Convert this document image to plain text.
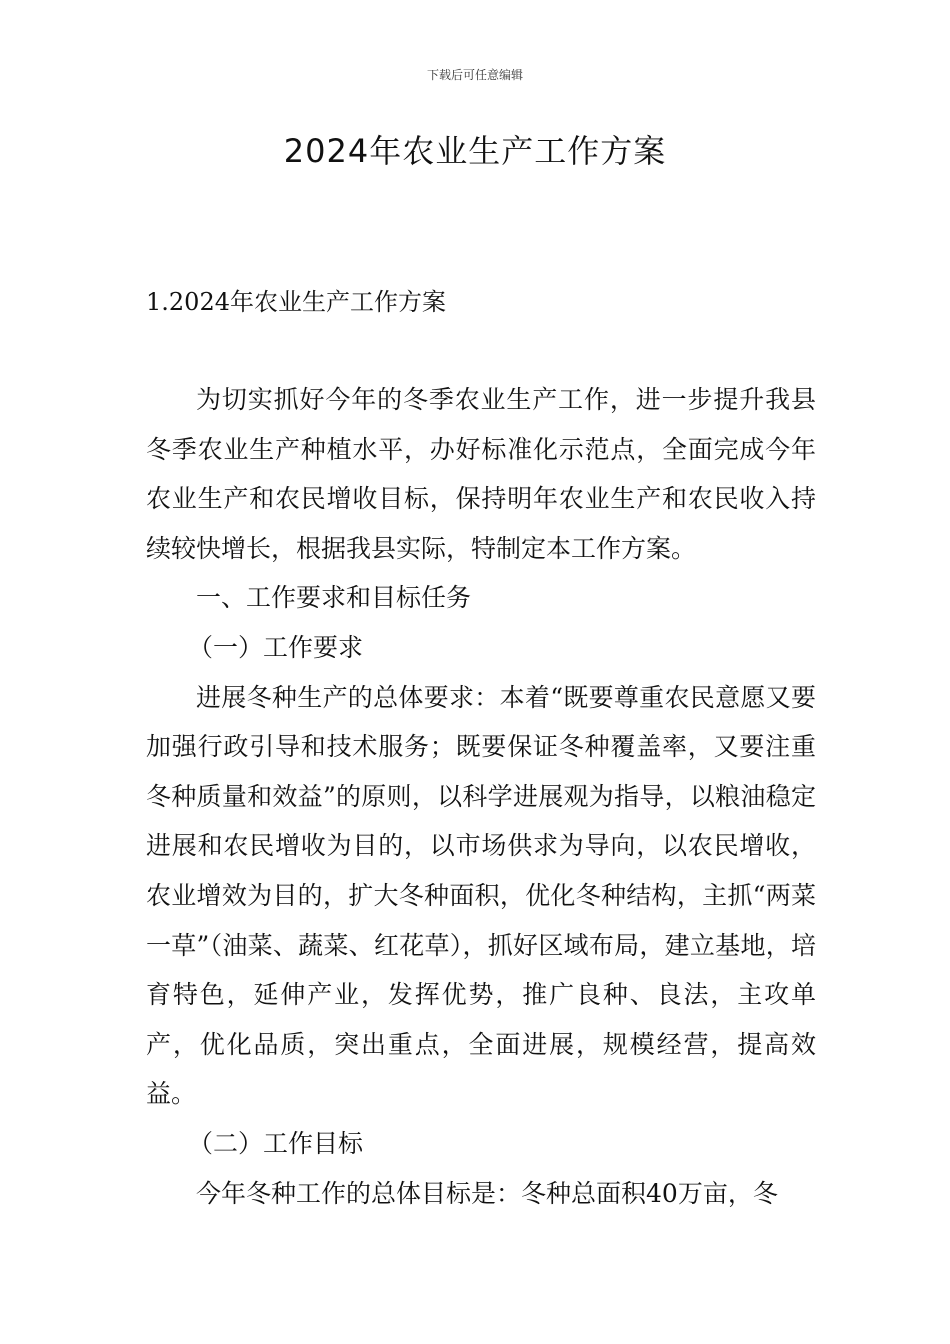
下载后可任意编辑
2024年农业生产工作方案
1.2024年农业生产工作方案

为切实抓好今年的冬季农业生产工作，进一步提升我县冬季农业生产种植水平，办好标准化示范点，全面完成今年农业生产和农民增收目标，保持明年农业生产和农民收入持续较快增长，根据我县实际，特制定本工作方案。

一、工作要求和目标任务

（一）工作要求

进展冬种生产的总体要求：本着“既要尊重农民意愿又要加强行政引导和技术服务；既要保证冬种覆盖率，又要注重冬种质量和效益”的原则，以科学进展观为指导，以粮油稳定进展和农民增收为目的，以市场供求为导向，以农民增收，农业增效为目的，扩大冬种面积，优化冬种结构，主抓“两菜一草”（油菜、蔬菜、红花草），抓好区域布局，建立基地，培育特色，延伸产业，发挥优势，推广良种、良法，主攻单产，优化品质，突出重点，全面进展，规模经营，提高效益。

（二）工作目标

今年冬种工作的总体目标是：冬种总面积40万亩，冬
